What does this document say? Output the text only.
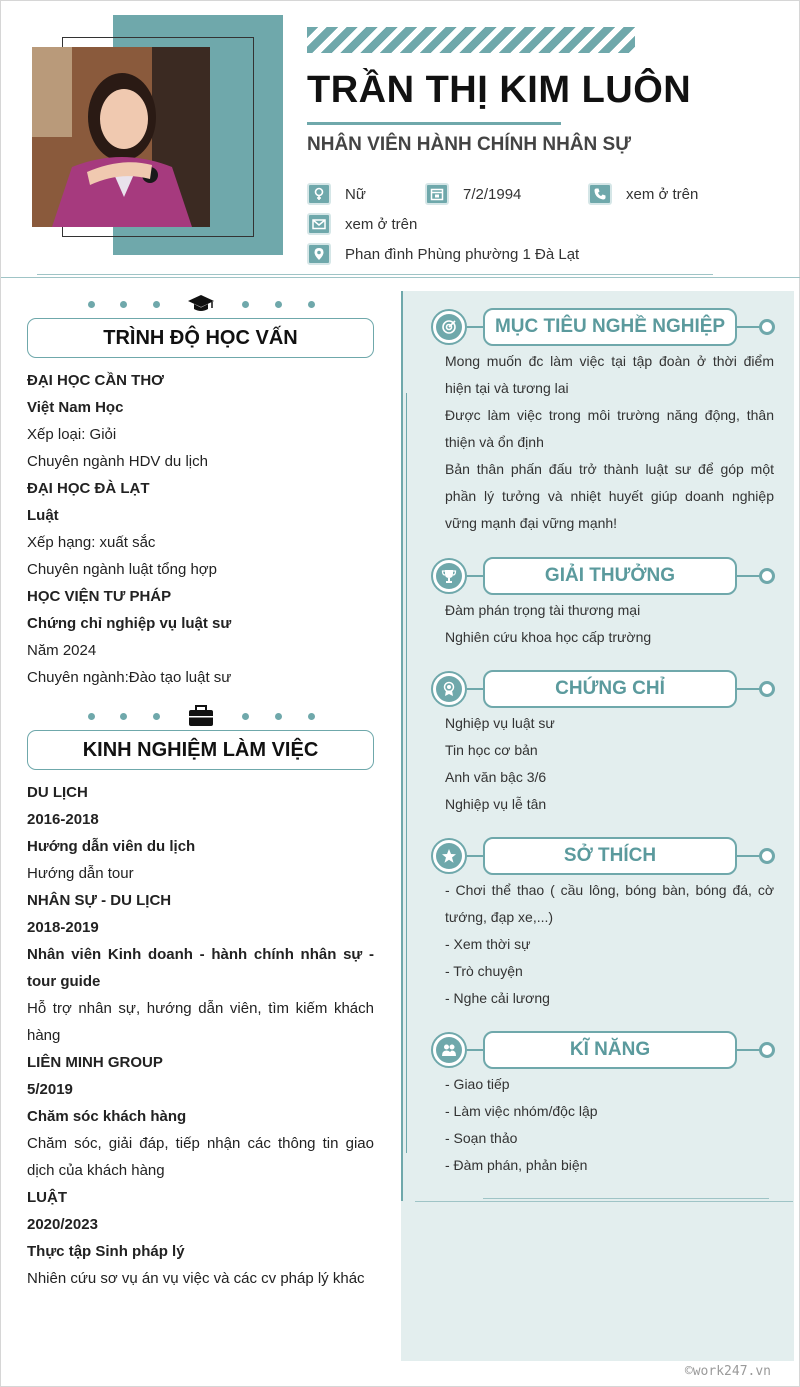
TRẦN THỊ KIM LUÔN
NHÂN VIÊN HÀNH CHÍNH NHÂN SỰ
Nữ	7/2/1994	xem ở trên
xem ở trên
Phan đình Phùng phường 1 Đà Lạt
MỤC TIÊU NGHỀ NGHIỆP
Mong muốn đc làm việc tại tập đoàn ở thời điểm hiện tại và tương lai
Được làm việc trong môi trường năng động, thân thiện và ổn định
Bản thân phấn đấu trở thành luật sư để góp một phần lý tưởng và nhiệt huyết giúp doanh nghiệp vững mạnh đại vững mạnh!
GIẢI THƯỞNG
Đàm phán trọng tài thương mại
Nghiên cứu khoa học cấp trường
CHỨNG CHỈ
Nghiệp vụ luật sư
Tin học cơ bản
Anh văn bậc 3/6
Nghiệp vụ lễ tân
SỞ THÍCH
- Chơi thể thao ( cầu lông, bóng bàn, bóng đá, cờ tướng, đạp xe,...)
- Xem thời sự
- Trò chuyện
- Nghe cải lương
KĨ NĂNG
- Giao tiếp
- Làm việc nhóm/độc lập
- Soạn thảo
- Đàm phán, phản biện
TRÌNH ĐỘ HỌC VẤN
ĐẠI HỌC CẦN THƠ
Việt Nam Học
Xếp loại: Giỏi
Chuyên ngành HDV du lịch
ĐẠI HỌC ĐÀ LẠT
Luật
Xếp hạng: xuất sắc
Chuyên ngành luật tổng hợp
HỌC VIỆN TƯ PHÁP
Chứng chỉ nghiệp vụ luật sư
Năm 2024
Chuyên ngành:Đào tạo luật sư
KINH NGHIỆM LÀM VIỆC
DU LỊCH
2016-2018
Hướng dẫn viên du lịch
Hướng dẫn tour
NHÂN SỰ - DU LỊCH
2018-2019
Nhân viên Kinh doanh - hành chính nhân sự - tour guide
Hỗ trợ nhân sự, hướng dẫn viên, tìm kiếm khách hàng
LIÊN MINH GROUP
5/2019
Chăm sóc khách hàng
Chăm sóc, giải đáp, tiếp nhận các thông tin giao dịch của khách hàng
LUẬT
2020/2023
Thực tập Sinh pháp lý
Nhiên cứu sơ vụ án vụ việc và các cv pháp lý khác
©work247.vn
